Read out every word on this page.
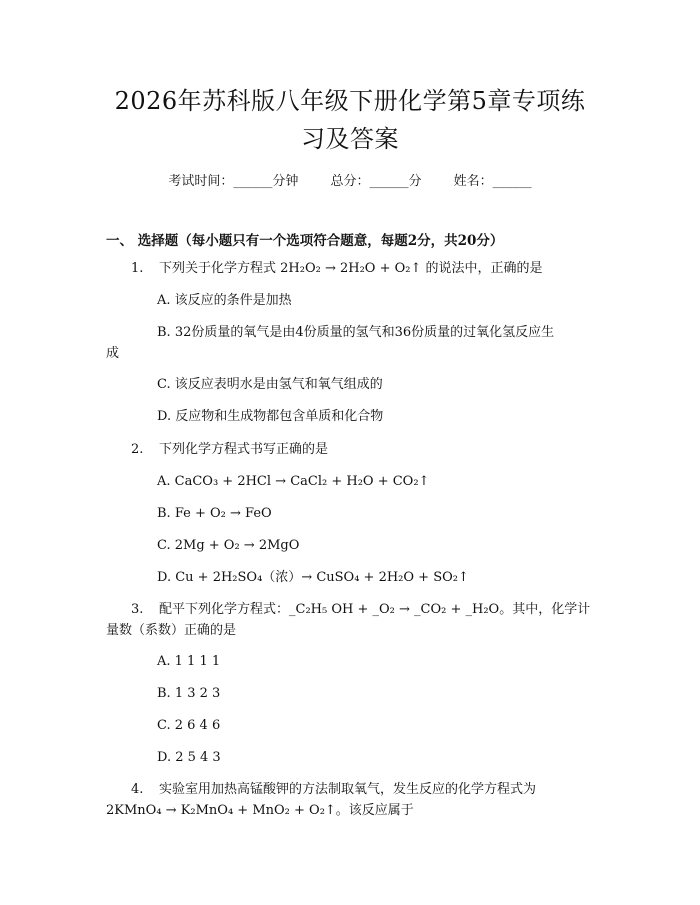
2026年苏科版八年级下册化学第5章专项练
习及答案
考试时间：______分钟 总分：______分 姓名：______
一、 选择题（每小题只有一个选项符合题意，每题2分，共20分）
1. 下列关于化学方程式 2H₂O₂ → 2H₂O + O₂↑ 的说法中，正确的是
A. 该反应的条件是加热
B. 32份质量的氧气是由4份质量的氢气和36份质量的过氧化氢反应生
成
C. 该反应表明水是由氢气和氧气组成的
D. 反应物和生成物都包含单质和化合物
2. 下列化学方程式书写正确的是
A. CaCO₃ + 2HCl → CaCl₂ + H₂O + CO₂↑
B. Fe + O₂ → FeO
C. 2Mg + O₂ → 2MgO
D. Cu + 2H₂SO₄（浓）→ CuSO₄ + 2H₂O + SO₂↑
3. 配平下列化学方程式：_C₂H₅ OH + _O₂ → _CO₂ + _H₂O。其中，化学计
量数（系数）正确的是
A. 1 1 1 1
B. 1 3 2 3
C. 2 6 4 6
D. 2 5 4 3
4. 实验室用加热高锰酸钾的方法制取氧气，发生反应的化学方程式为
2KMnO₄ → K₂MnO₄ + MnO₂ + O₂↑。该反应属于
